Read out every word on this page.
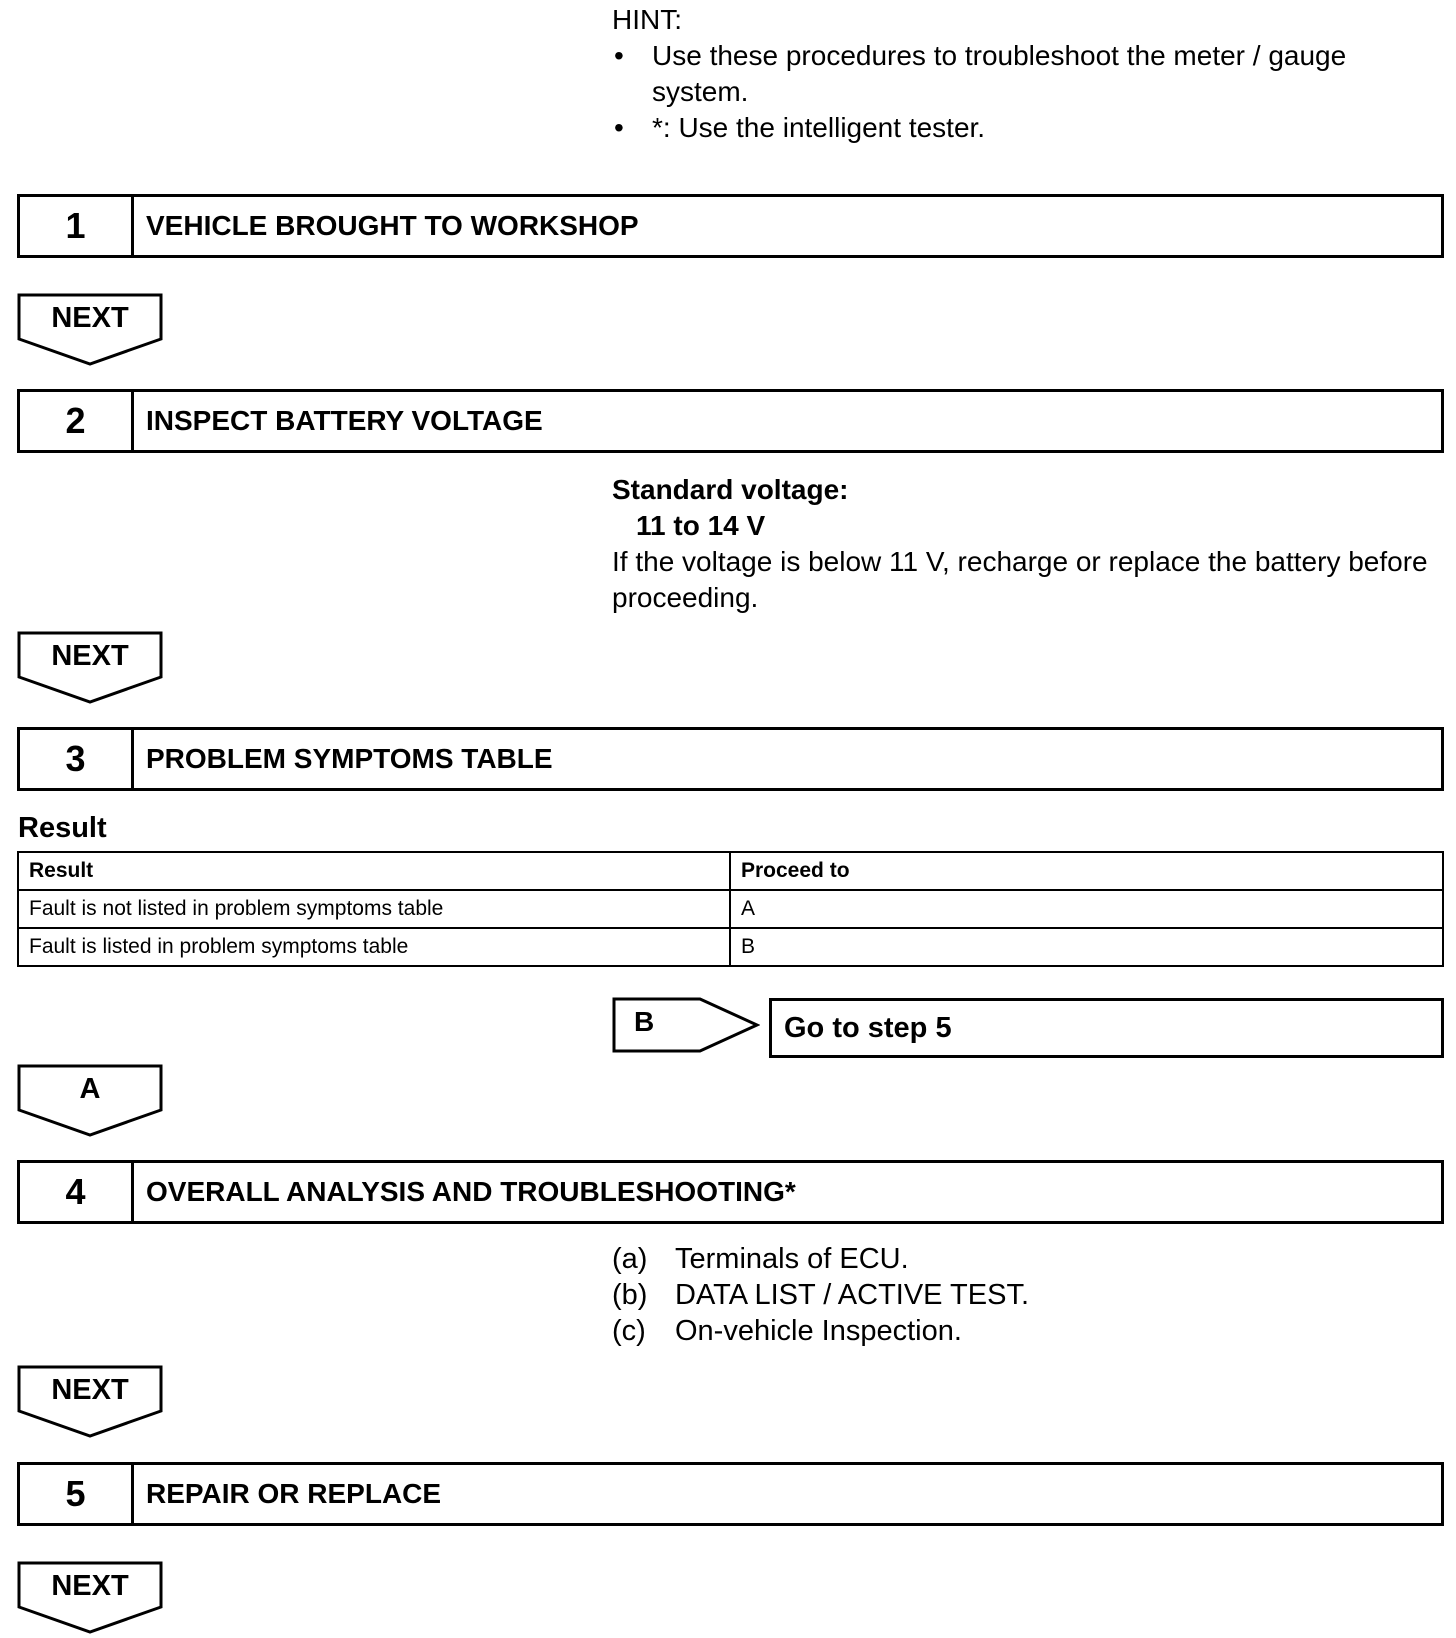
HINT:
• Use these procedures to troubleshoot the meter / gauge system.
• *: Use the intelligent tester.
1	VEHICLE BROUGHT TO WORKSHOP
NEXT
2	INSPECT BATTERY VOLTAGE
Standard voltage:
11 to 14 V
If the voltage is below 11 V, recharge or replace the battery before proceeding.
NEXT
3	PROBLEM SYMPTOMS TABLE
Result
Result	Proceed to
Fault is not listed in problem symptoms table	A
Fault is listed in problem symptoms table	B
B	Go to step 5
A
4	OVERALL ANALYSIS AND TROUBLESHOOTING*
(a) Terminals of ECU.
(b) DATA LIST / ACTIVE TEST.
(c)	On-vehicle Inspection.
NEXT
5	REPAIR OR REPLACE
NEXT
